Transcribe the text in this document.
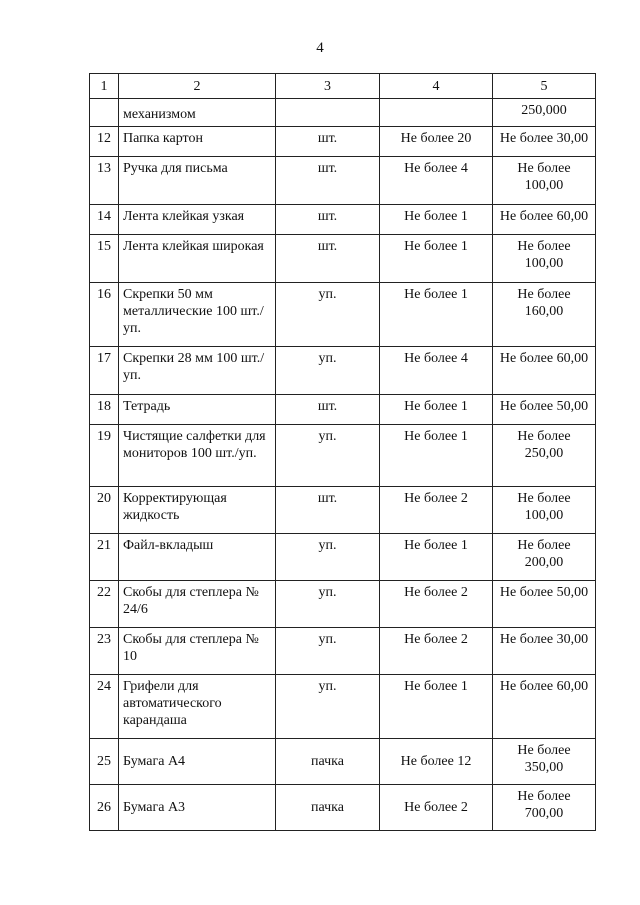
4
1	2	3	4	5
	механизмом			250,000
12	Папка картон	шт.	Не более 20	Не более 30,00
13	Ручка для письма	шт.	Не более 4	Не более 100,00
14	Лента клейкая узкая	шт.	Не более 1	Не более 60,00
15	Лента клейкая широкая	шт.	Не более 1	Не более 100,00
16	Скрепки 50 мм металлические 100 шт./уп.	уп.	Не более 1	Не более 160,00
17	Скрепки 28 мм 100 шт./уп.	уп.	Не более 4	Не более 60,00
18	Тетрадь	шт.	Не более 1	Не более 50,00
19	Чистящие салфетки для мониторов 100 шт./уп.	уп.	Не более 1	Не более 250,00
20	Корректирующая жидкость	шт.	Не более 2	Не более 100,00
21	Файл-вкладыш	уп.	Не более 1	Не более 200,00
22	Скобы для степлера № 24/6	уп.	Не более 2	Не более 50,00
23	Скобы для степлера № 10	уп.	Не более 2	Не более 30,00
24	Грифели для автоматического карандаша	уп.	Не более 1	Не более 60,00
25	Бумага А4	пачка	Не более 12	Не более 350,00
26	Бумага А3	пачка	Не более 2	Не более 700,00
